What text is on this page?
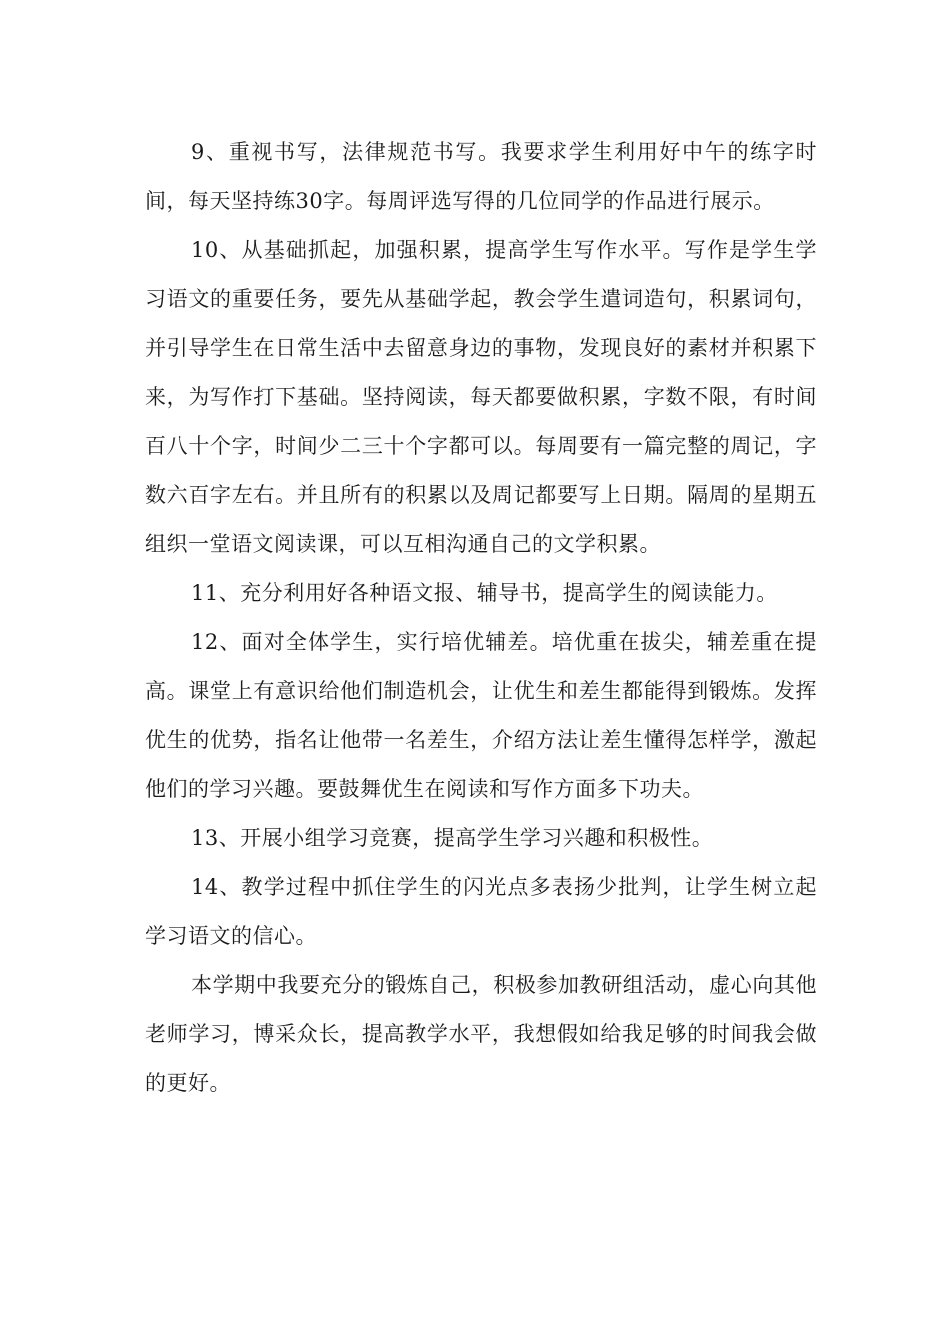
9、重视书写，法律规范书写。我要求学生利用好中午的练字时间，每天坚持练30字。每周评选写得的几位同学的作品进行展示。

10、从基础抓起，加强积累，提高学生写作水平。写作是学生学习语文的重要任务，要先从基础学起，教会学生遣词造句，积累词句，并引导学生在日常生活中去留意身边的事物，发现良好的素材并积累下来，为写作打下基础。坚持阅读，每天都要做积累，字数不限，有时间百八十个字，时间少二三十个字都可以。每周要有一篇完整的周记，字数六百字左右。并且所有的积累以及周记都要写上日期。隔周的星期五组织一堂语文阅读课，可以互相沟通自己的文学积累。

11、充分利用好各种语文报、辅导书，提高学生的阅读能力。

12、面对全体学生，实行培优辅差。培优重在拔尖，辅差重在提高。课堂上有意识给他们制造机会，让优生和差生都能得到锻炼。发挥优生的优势，指名让他带一名差生，介绍方法让差生懂得怎样学，激起他们的学习兴趣。要鼓舞优生在阅读和写作方面多下功夫。

13、开展小组学习竞赛，提高学生学习兴趣和积极性。

14、教学过程中抓住学生的闪光点多表扬少批判，让学生树立起学习语文的信心。

本学期中我要充分的锻炼自己，积极参加教研组活动，虚心向其他老师学习，博采众长，提高教学水平，我想假如给我足够的时间我会做的更好。
